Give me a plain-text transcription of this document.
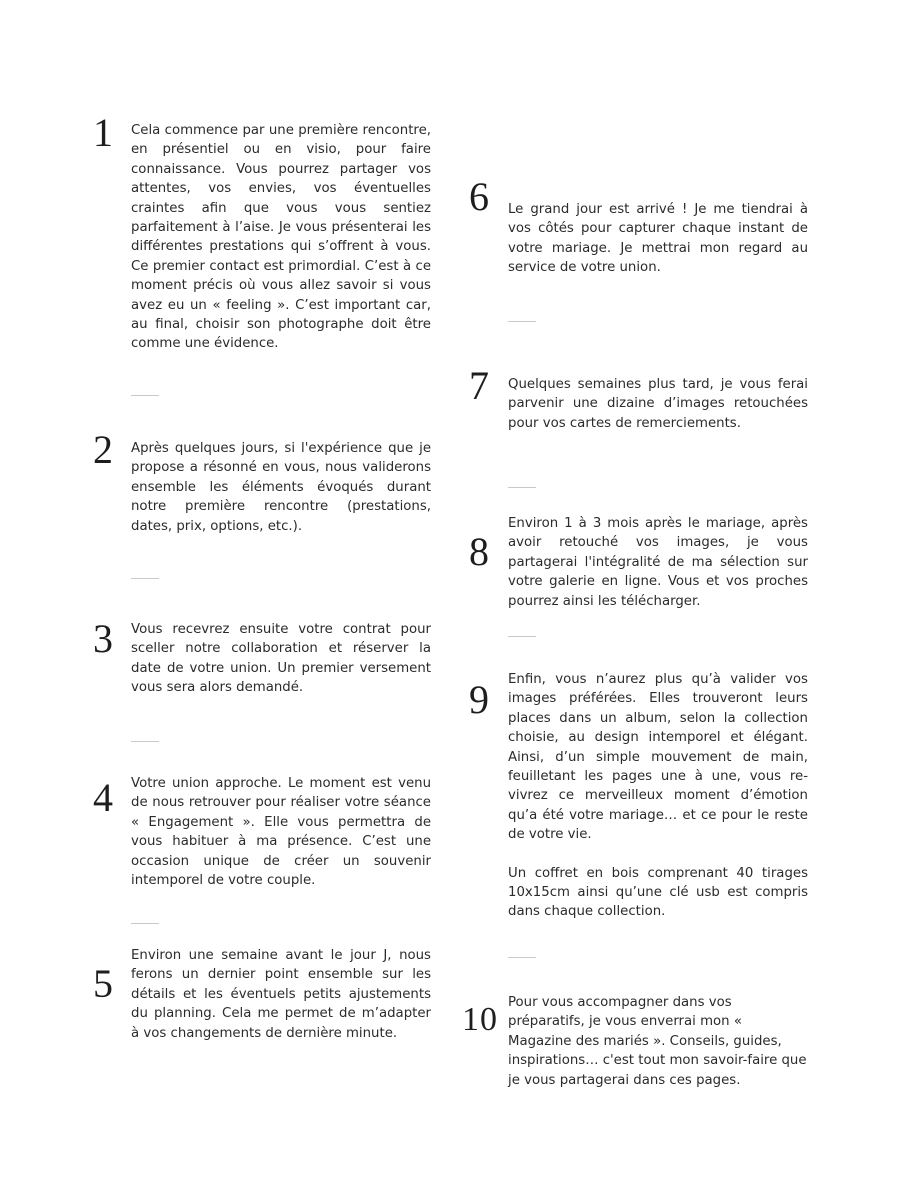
1 Cela commence par une première rencontre, en présentiel ou en visio, pour faire connaissance. Vous pourrez partager vos attentes, vos envies, vos éventuelles craintes afin que vous vous sentiez parfaitement à l’aise. Je vous présenterai les différentes prestations qui s’offrent à vous. Ce premier contact est primordial. C’est à ce moment précis où vous allez savoir si vous avez eu un « feeling ». C’est important car, au final, choisir son photographe doit être comme une évidence.

2 Après quelques jours, si l'expérience que je propose a résonné en vous, nous validerons ensemble les éléments évoqués durant notre première rencontre (prestations, dates, prix, options, etc.).

3 Vous recevrez ensuite votre contrat pour sceller notre collaboration et réserver la date de votre union. Un premier versement vous sera alors demandé.

4 Votre union approche. Le moment est venu de nous retrouver pour réaliser votre séance « Engagement ». Elle vous permettra de vous habituer à ma présence. C’est une occasion unique de créer un souvenir intemporel de votre couple.

5

Environ une semaine avant le jour J, nous ferons un dernier point ensemble sur les détails et les éventuels petits ajustements du planning. Cela me permet de m’adapter à vos changements de dernière minute.

6 Le grand jour est arrivé ! Je me tiendrai à vos côtés pour capturer chaque instant de votre mariage. Je mettrai mon regard au service de votre union.

7 Quelques semaines plus tard, je vous ferai parvenir une dizaine d’images retouchées pour vos cartes de remerciements.

8

Environ 1 à 3 mois après le mariage, après avoir retouché vos images, je vous partagerai l'intégralité de ma sélection sur votre galerie en ligne. Vous et vos proches pourrez ainsi les télécharger.

9 Enfin, vous n’aurez plus qu’à valider vos images préférées. Elles trouveront leurs places dans un album, selon la collection choisie, au design intemporel et élégant. Ainsi, d’un simple mouvement de main, feuilletant les pages une à une, vous re-vivrez ce merveilleux moment d’émotion qu’a été votre mariage… et ce pour le reste de votre vie.

Un coffret en bois comprenant 40 tirages 10x15cm ainsi qu’une clé usb est compris dans chaque collection.

10 Pour vous accompagner dans vos préparatifs, je vous enverrai mon « Magazine des mariés ». Conseils, guides, inspirations… c'est tout mon savoir-faire que je vous partagerai dans ces pages.
